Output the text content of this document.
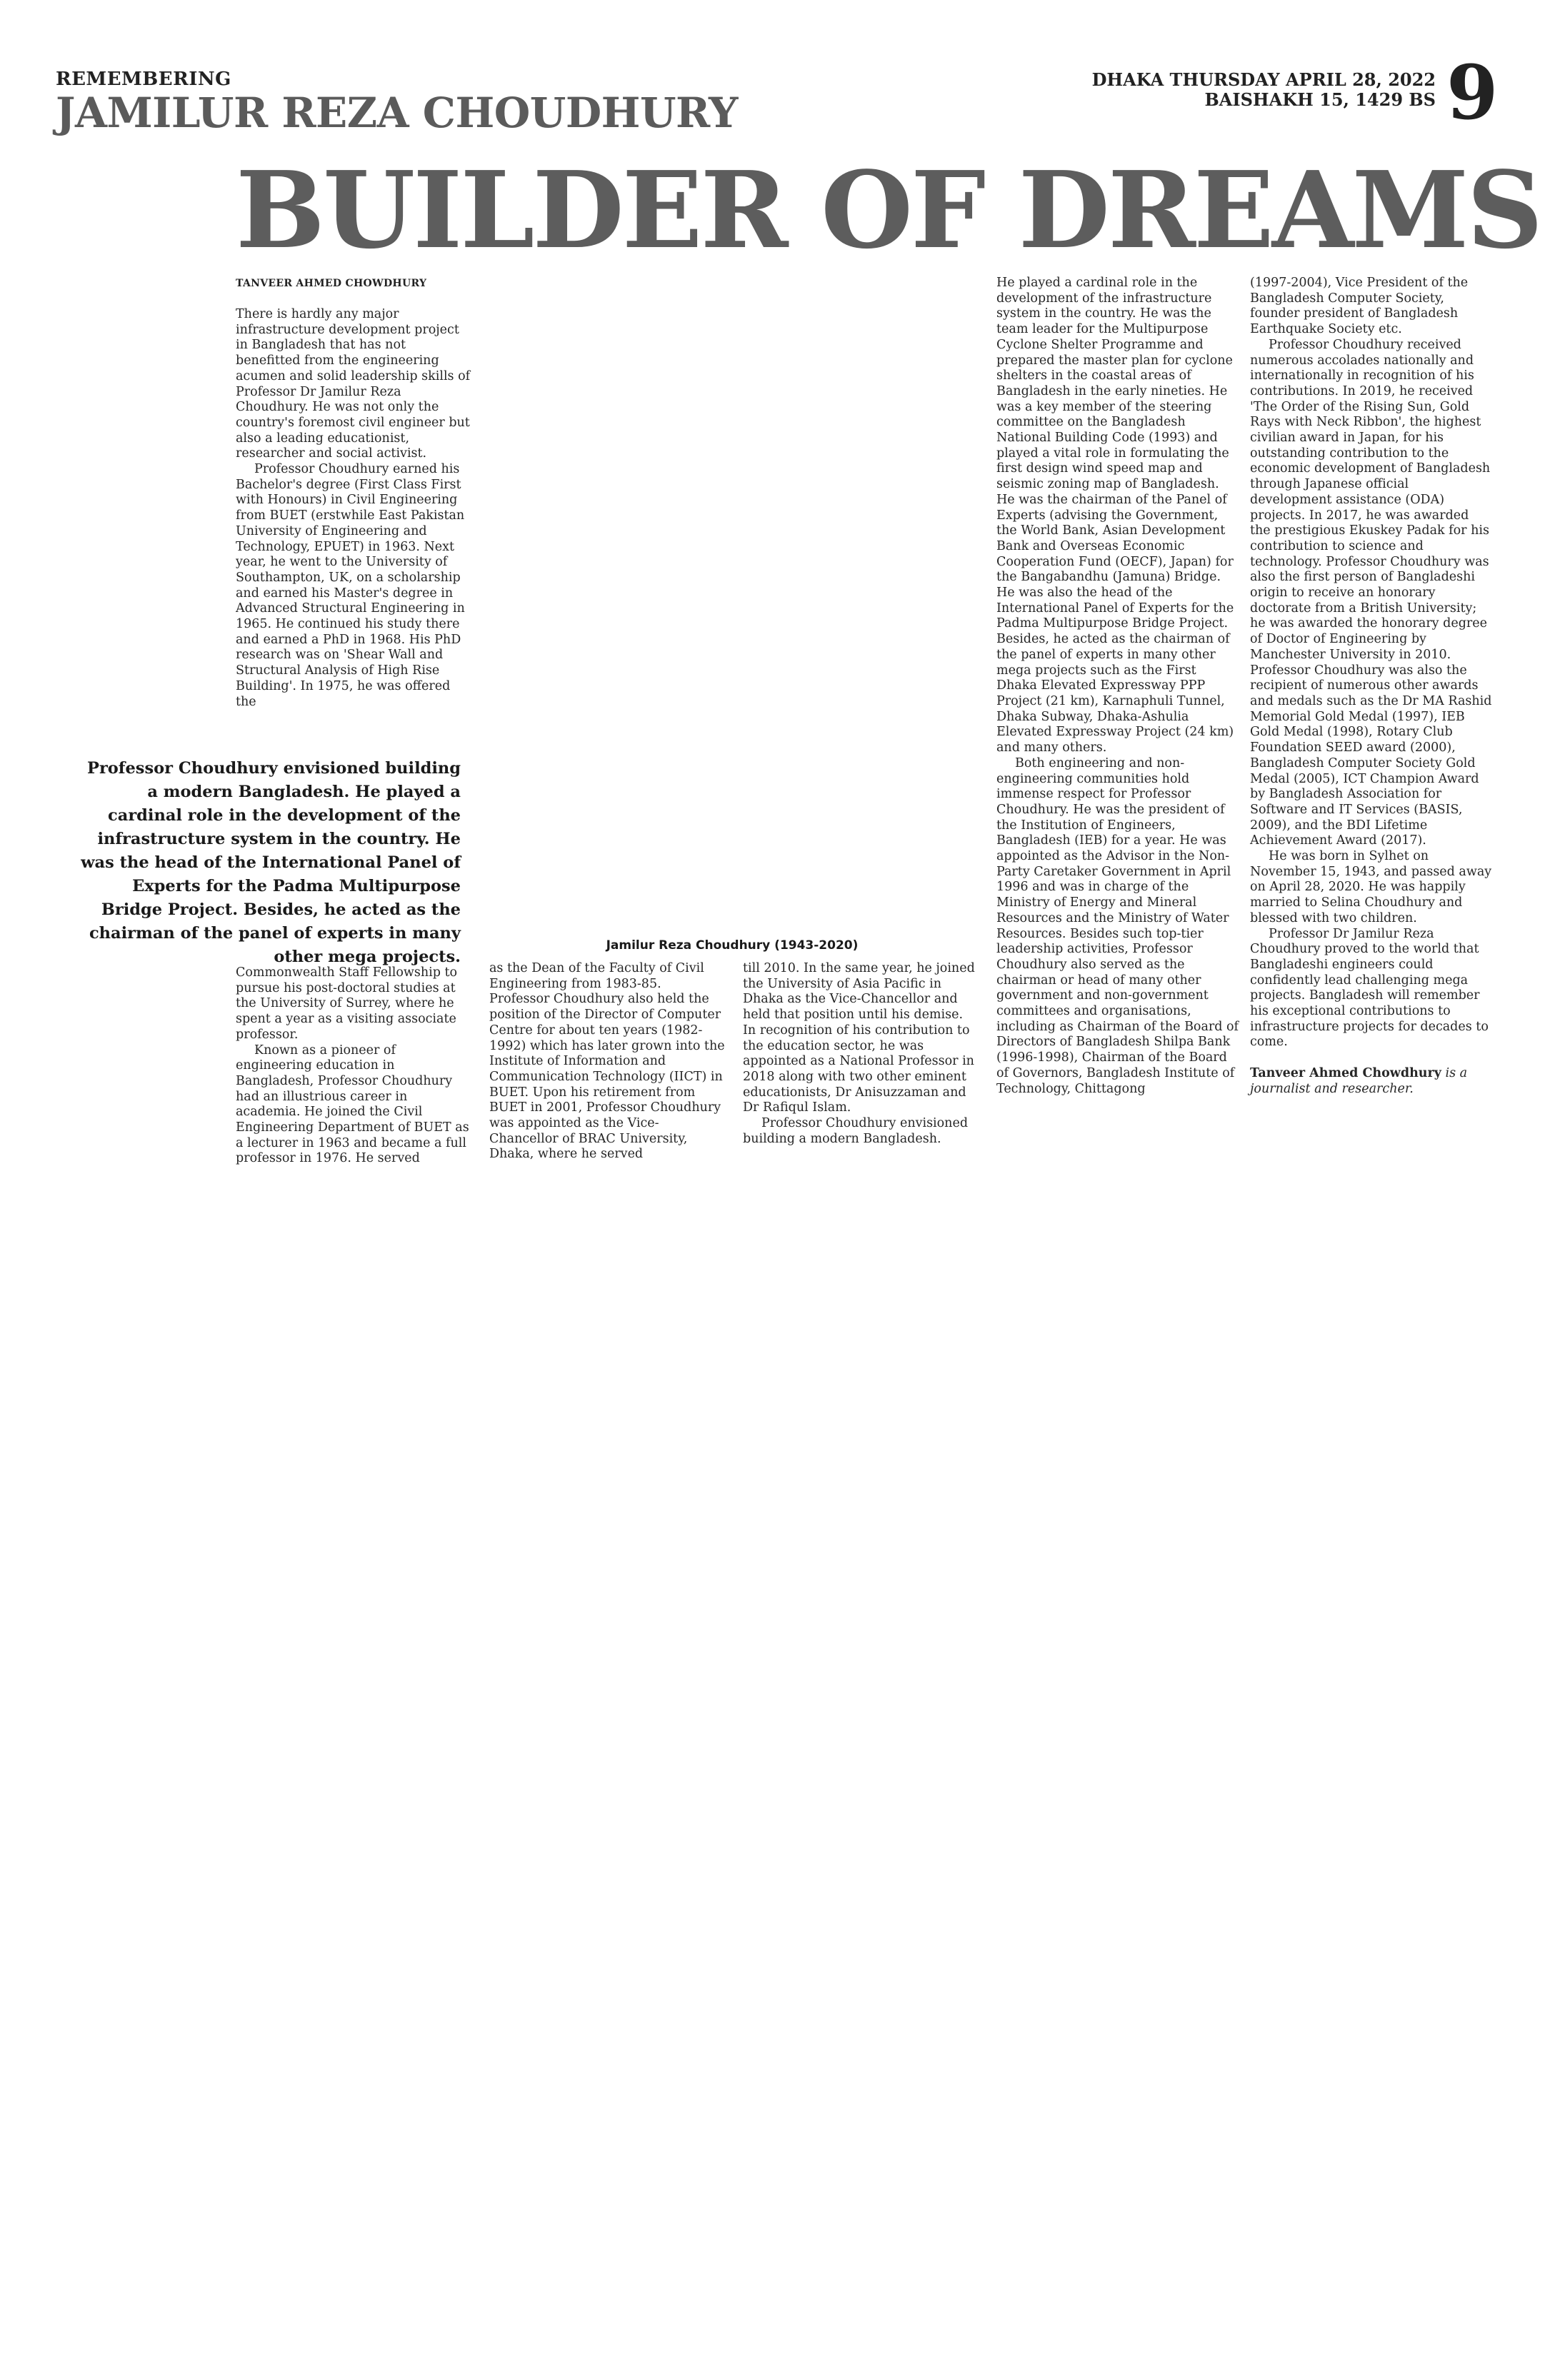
REMEMBERING
JAMILUR REZA CHOUDHURY
DHAKA THURSDAY APRIL 28, 2022
BAISHAKH 15, 1429 BS 9
BUILDER OF DREAMS
TANVEER AHMED CHOWDHURY

There is hardly any major infrastructure development project in Bangladesh that has not benefitted from the engineering acumen and solid leadership skills of Professor Dr Jamilur Reza Choudhury. He was not only the country's foremost civil engineer but also a leading educationist, researcher and social activist.

Professor Choudhury earned his Bachelor's degree (First Class First with Honours) in Civil Engineering from BUET (erstwhile East Pakistan University of Engineering and Technology, EPUET) in 1963. Next year, he went to the University of Southampton, UK, on a scholarship and earned his Master's degree in Advanced Structural Engineering in 1965. He continued his study there and earned a PhD in 1968. His PhD research was on 'Shear Wall and Structural Analysis of High Rise Building'. In 1975, he was offered the

Professor Choudhury envisioned building a modern Bangladesh. He played a cardinal role in the development of the infrastructure system in the country. He was the head of the International Panel of Experts for the Padma Multipurpose Bridge Project. Besides, he acted as the chairman of the panel of experts in many other mega projects.
Jamilur Reza Choudhury (1943-2020)

Commonwealth Staff Fellowship to pursue his post-doctoral studies at the University of Surrey, where he spent a year as a visiting associate professor.

Known as a pioneer of engineering education in Bangladesh, Professor Choudhury had an illustrious career in academia. He joined the Civil Engineering Department of BUET as a lecturer in 1963 and became a full professor in 1976. He served

as the Dean of the Faculty of Civil Engineering from 1983-85. Professor Choudhury also held the position of the Director of Computer Centre for about ten years (1982-1992) which has later grown into the Institute of Information and Communication Technology (IICT) in BUET. Upon his retirement from BUET in 2001, Professor Choudhury was appointed as the Vice-Chancellor of BRAC University, Dhaka, where he served

till 2010. In the same year, he joined the University of Asia Pacific in Dhaka as the Vice-Chancellor and held that position until his demise. In recognition of his contribution to the education sector, he was appointed as a National Professor in 2018 along with two other eminent educationists, Dr Anisuzzaman and Dr Rafiqul Islam.

Professor Choudhury envisioned building a modern Bangladesh.

He played a cardinal role in the development of the infrastructure system in the country. He was the team leader for the Multipurpose Cyclone Shelter Programme and prepared the master plan for cyclone shelters in the coastal areas of Bangladesh in the early nineties. He was a key member of the steering committee on the Bangladesh National Building Code (1993) and played a vital role in formulating the first design wind speed map and seismic zoning map of Bangladesh. He was the chairman of the Panel of Experts (advising the Government, the World Bank, Asian Development Bank and Overseas Economic Cooperation Fund (OECF), Japan) for the Bangabandhu (Jamuna) Bridge. He was also the head of the International Panel of Experts for the Padma Multipurpose Bridge Project. Besides, he acted as the chairman of the panel of experts in many other mega projects such as the First Dhaka Elevated Expressway PPP Project (21 km), Karnaphuli Tunnel, Dhaka Subway, Dhaka-Ashulia Elevated Expressway Project (24 km) and many others.

Both engineering and non-engineering communities hold immense respect for Professor Choudhury. He was the president of the Institution of Engineers, Bangladesh (IEB) for a year. He was appointed as the Advisor in the Non-Party Caretaker Government in April 1996 and was in charge of the Ministry of Energy and Mineral Resources and the Ministry of Water Resources. Besides such top-tier leadership activities, Professor Choudhury also served as the chairman or head of many other government and non-government committees and organisations, including as Chairman of the Board of Directors of Bangladesh Shilpa Bank (1996-1998), Chairman of the Board of Governors, Bangladesh Institute of Technology, Chittagong

(1997-2004), Vice President of the Bangladesh Computer Society, founder president of Bangladesh Earthquake Society etc.

Professor Choudhury received numerous accolades nationally and internationally in recognition of his contributions. In 2019, he received 'The Order of the Rising Sun, Gold Rays with Neck Ribbon', the highest civilian award in Japan, for his outstanding contribution to the economic development of Bangladesh through Japanese official development assistance (ODA) projects. In 2017, he was awarded the prestigious Ekuskey Padak for his contribution to science and technology. Professor Choudhury was also the first person of Bangladeshi origin to receive an honorary doctorate from a British University; he was awarded the honorary degree of Doctor of Engineering by Manchester University in 2010. Professor Choudhury was also the recipient of numerous other awards and medals such as the Dr MA Rashid Memorial Gold Medal (1997), IEB Gold Medal (1998), Rotary Club Foundation SEED award (2000), Bangladesh Computer Society Gold Medal (2005), ICT Champion Award by Bangladesh Association for Software and IT Services (BASIS, 2009), and the BDI Lifetime Achievement Award (2017).

He was born in Sylhet on November 15, 1943, and passed away on April 28, 2020. He was happily married to Selina Choudhury and blessed with two children.

Professor Dr Jamilur Reza Choudhury proved to the world that Bangladeshi engineers could confidently lead challenging mega projects. Bangladesh will remember his exceptional contributions to infrastructure projects for decades to come.

Tanveer Ahmed Chowdhury is a journalist and researcher.
